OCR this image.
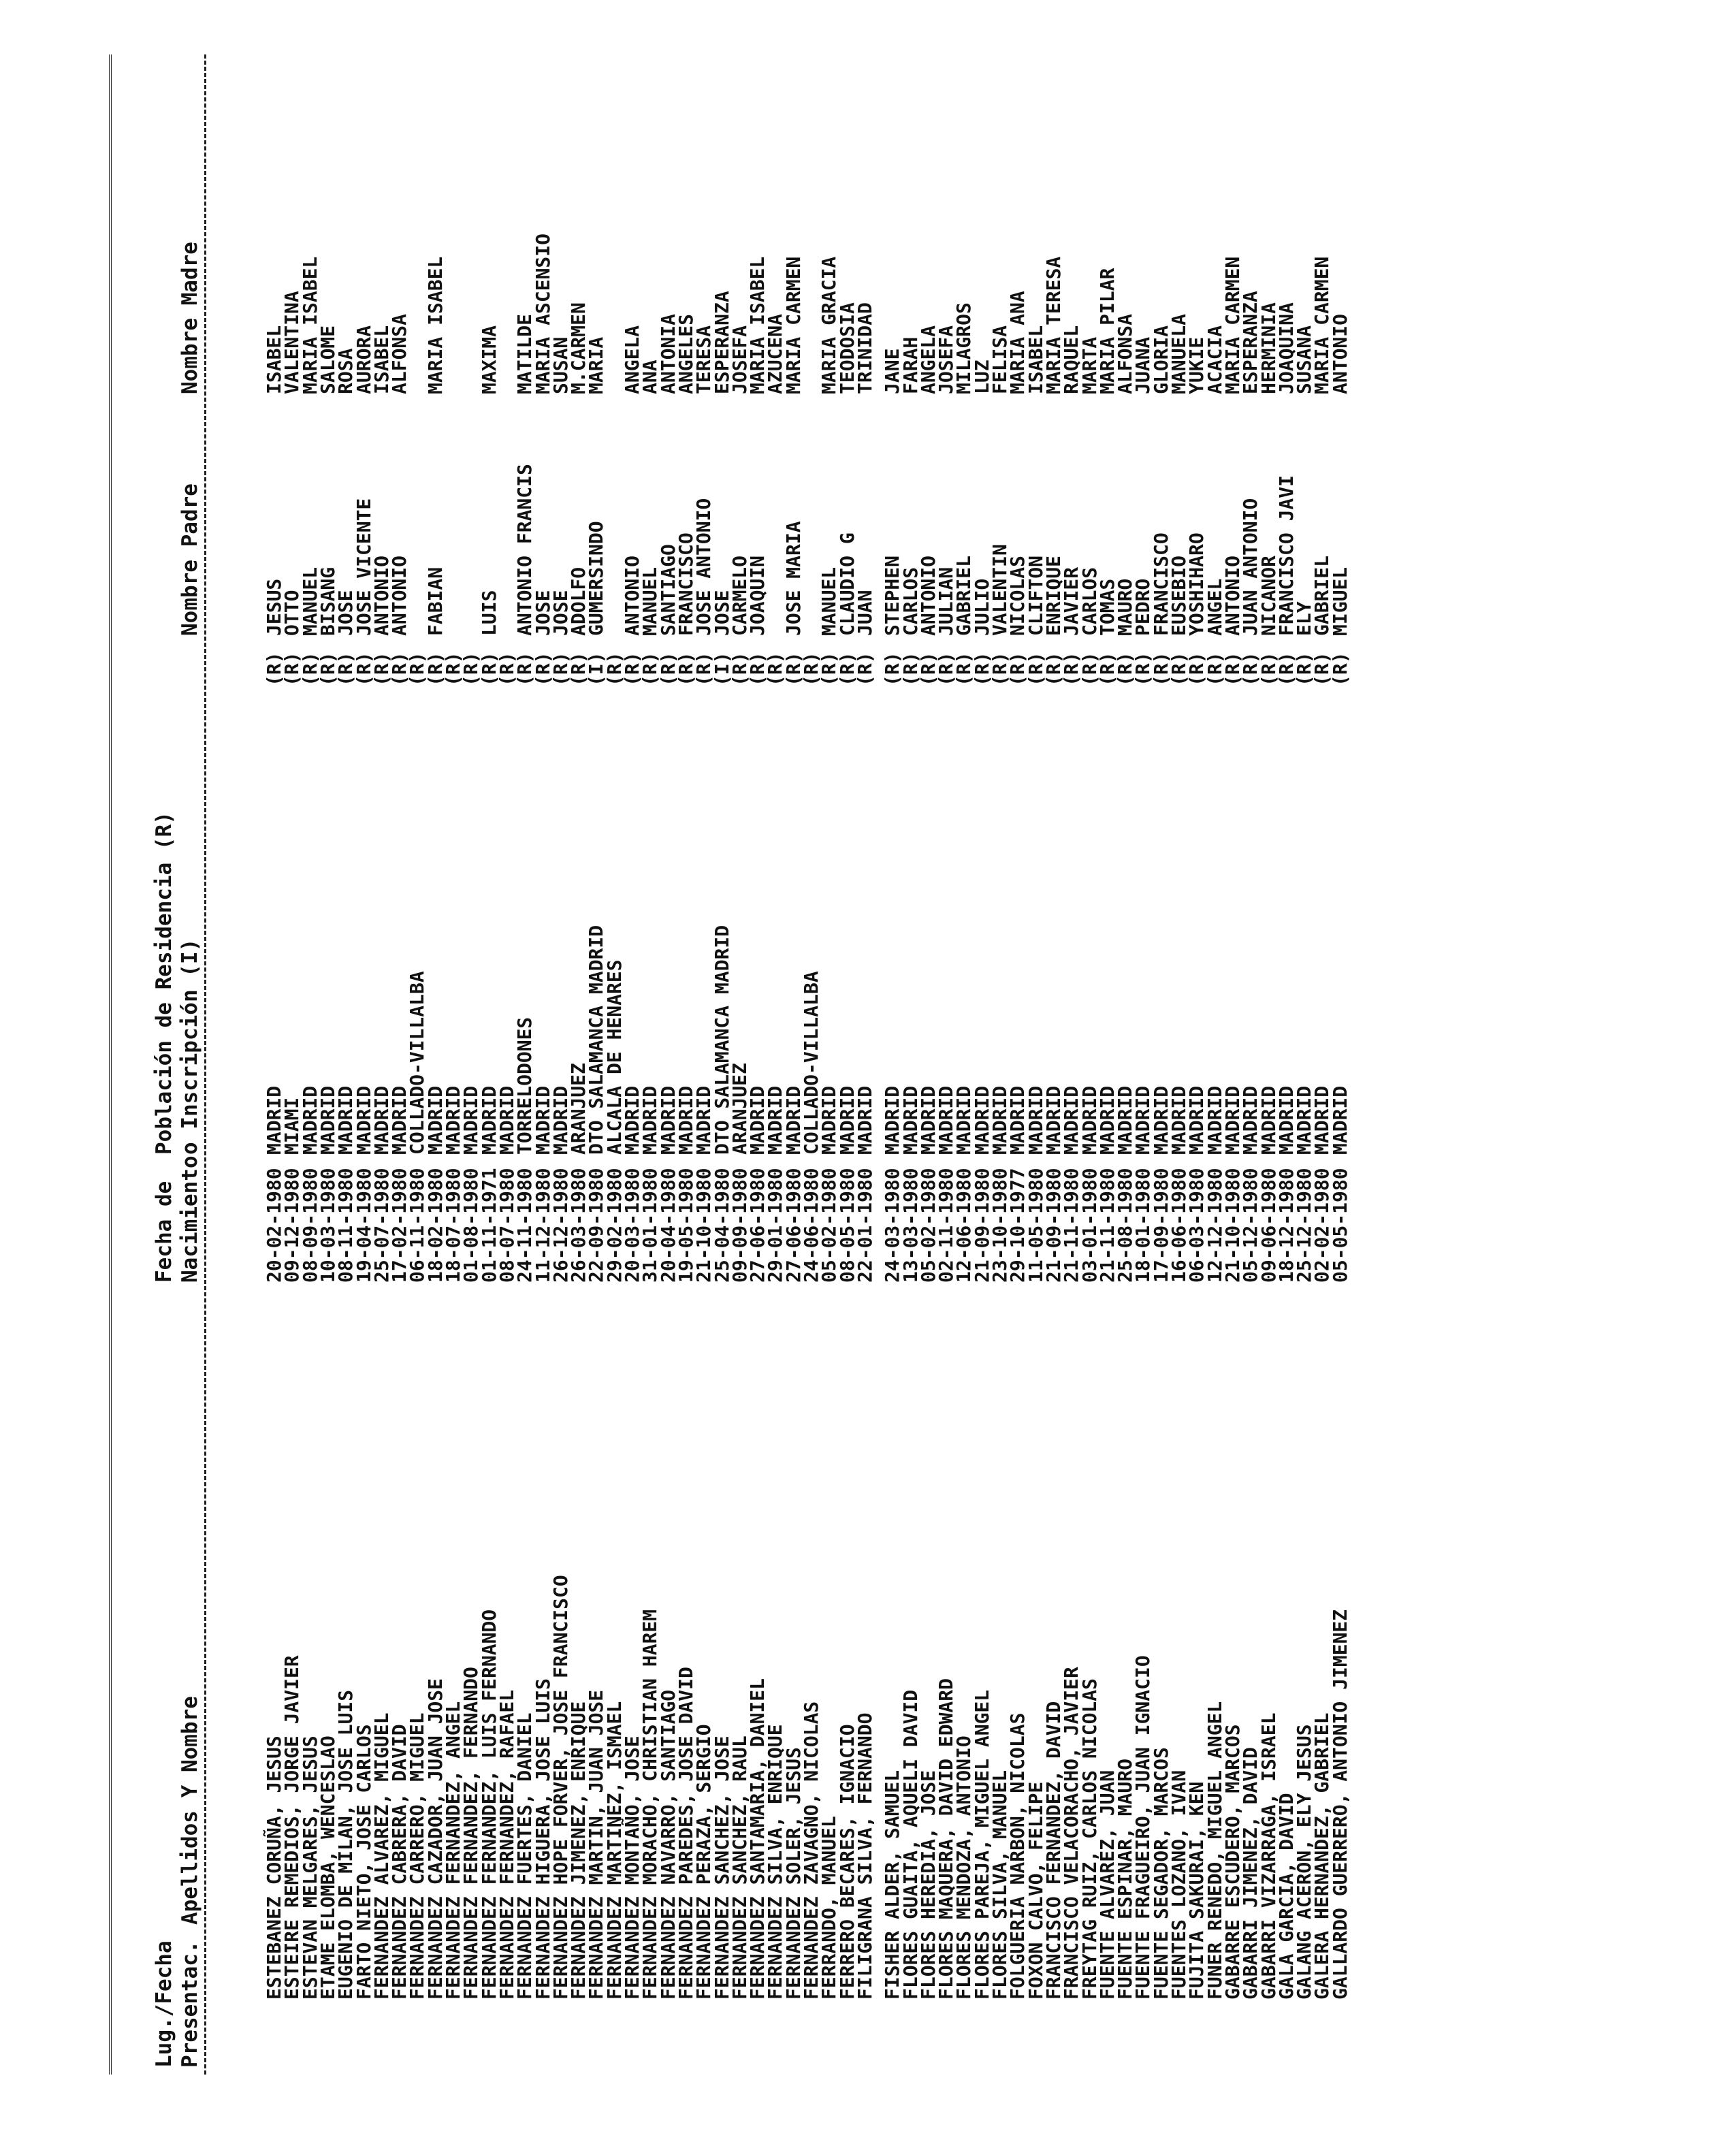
Lug./Fecha Presentac.
Apellidos Y Nombre
Fecha de Nacimiento
Población de Residencia (R) o Inscripción (I)
Nombre Padre
Nombre Madre
ESTEBANEZ CORUÑA, JESUS
20-02-1980
MADRID
(R)
JESUS
ISABEL
ESTEIRE REMEDIOS, JORGE JAVIER
09-12-1980
MIAMI
(R)
OTTO
VALENTINA
ESTEVAN MELGARES, JESUS
08-09-1980
MADRID
(R)
MANUEL
MARIA ISABEL
ETAME ELOMBA, WENCESLAO
10-03-1980
MADRID
(R)
BISANG
SALOME
EUGENIO DE MILAN, JOSE LUIS
08-11-1980
MADRID
(R)
JOSE
ROSA
FARTO NIETO, JOSE CARLOS
19-04-1980
MADRID
(R)
JOSE VICENTE
AURORA
FERNANDEZ ALVAREZ, MIGUEL
25-07-1980
MADRID
(R)
ANTONIO
ISABEL
FERNANDEZ CABRERA, DAVID
17-02-1980
MADRID
(R)
ANTONIO
ALFONSA
FERNANDEZ CARRERO, MIGUEL
06-11-1980
COLLADO-VILLALBA
(R)
FERNANDEZ CAZADOR, JUAN JOSE
18-02-1980
MADRID
(R)
FABIAN
MARIA ISABEL
FERNANDEZ FERNANDEZ, ANGEL
18-07-1980
MADRID
(R)
FERNANDEZ FERNANDEZ, FERNANDO
01-08-1980
MADRID
(R)
FERNANDEZ FERNANDEZ, LUIS FERNANDO
01-11-1971
MADRID
(R)
LUIS
MAXIMA
FERNANDEZ FERNANDEZ, RAFAEL
08-07-1980
MADRID
(R)
FERNANDEZ FUERTES, DANIEL
24-11-1980
TORRELODONES
(R)
ANTONIO FRANCIS
MATILDE
FERNANDEZ HIGUERA, JOSE LUIS
11-12-1980
MADRID
(R)
JOSE
MARIA ASCENSIO
FERNANDEZ HOPE FORVER, JOSE FRANCISCO
26-12-1980
MADRID
(R)
JOSE
SUSAN
FERNANDEZ JIMENEZ, ENRIQUE
26-03-1980
ARANJUEZ
(R)
ADOLFO
M.CARMEN
FERNANDEZ MARTIN, JUAN JOSE
22-09-1980
DTO SALAMANCA MADRID
(I)
GUMERSINDO
MARIA
FERNANDEZ MARTINEZ, ISMAEL
29-02-1980
ALCALA DE HENARES
(R)
FERNANDEZ MONTAÑO, JOSE
20-03-1980
MADRID
(R)
ANTONIO
ANGELA
FERNANDEZ MORACHO, CHRISTIAN HAREM
31-01-1980
MADRID
(R)
MANUEL
ANA
FERNANDEZ NAVARRO, SANTIAGO
20-04-1980
MADRID
(R)
SANTIAGO
ANTONIA
FERNANDEZ PAREDES, JOSE DAVID
19-05-1980
MADRID
(R)
FRANCISCO
ANGELES
FERNANDEZ PERAZA, SERGIO
21-10-1980
MADRID
(R)
JOSE ANTONIO
TERESA
FERNANDEZ SANCHEZ, JOSE
25-04-1980
DTO SALAMANCA MADRID
(I)
JOSE
ESPERANZA
FERNANDEZ SANCHEZ, RAUL
09-09-1980
ARANJUEZ
(R)
CARMELO
JOSEFA
FERNANDEZ SANTAMARIA, DANIEL
27-06-1980
MADRID
(R)
JOAQUIN
MARIA ISABEL
FERNANDEZ SILVA, ENRIQUE
29-01-1980
MADRID
(R)
AZUCENA
FERNANDEZ SOLER, JESUS
27-06-1980
MADRID
(R)
JOSE MARIA
MARIA CARMEN
FERNANDEZ ZAVAGNO, NICOLAS
24-06-1980
COLLADO-VILLALBA
(R)
FERRANDO, MANUEL
05-02-1980
MADRID
(R)
MANUEL
MARIA GRACIA
FERRERO BECARES, IGNACIO
08-05-1980
MADRID
(R)
CLAUDIO G
TEODOSIA
FILIGRANA SILVA, FERNANDO
22-01-1980
MADRID
(R)
JUAN
TRINIDAD
FISHER ALDER, SAMUEL
24-03-1980
MADRID
(R)
STEPHEN
JANE
FLORES GUAITA, AQUELI DAVID
13-03-1980
MADRID
(R)
CARLOS
FARAH
FLORES HEREDIA, JOSE
05-02-1980
MADRID
(R)
ANTONIO
ANGELA
FLORES MAQUERA, DAVID EDWARD
02-11-1980
MADRID
(R)
JULIAN
JOSEFA
FLORES MENDOZA, ANTONIO
12-06-1980
MADRID
(R)
GABRIEL
MILAGROS
FLORES PAREJA, MIGUEL ANGEL
21-09-1980
MADRID
(R)
JULIO
LUZ
FLORES SILVA, MANUEL
23-10-1980
MADRID
(R)
VALENTIN
FELISA
FOLGUERIA NARBON, NICOLAS
29-10-1977
MADRID
(R)
NICOLAS
MARIA ANA
FOXON CALVO, FELIPE
11-05-1980
MADRID
(R)
CLIFTON
ISABEL
FRANCISCO FERNANDEZ, DAVID
21-09-1980
MADRID
(R)
ENRIQUE
MARIA TERESA
FRANCISCO VELACORACHO, JAVIER
21-11-1980
MADRID
(R)
JAVIER
RAQUEL
FREYTAG RUIZ, CARLOS NICOLAS
03-01-1980
MADRID
(R)
CARLOS
MARTA
FUENTE ALVAREZ, JUAN
21-11-1980
MADRID
(R)
TOMAS
MARIA PILAR
FUENTE ESPINAR, MAURO
25-08-1980
MADRID
(R)
MAURO
ALFONSA
FUENTE FRAGUEIRO, JUAN IGNACIO
18-01-1980
MADRID
(R)
PEDRO
JUANA
FUENTE SEGADOR, MARCOS
17-09-1980
MADRID
(R)
FRANCISCO
GLORIA
FUENTES LOZANO, IVAN
16-06-1980
MADRID
(R)
EUSEBIO
MANUELA
FUJITA SAKURAI, KEN
06-03-1980
MADRID
(R)
YOSHIHARO
YUKIE
FUNER RENEDO, MIGUEL ANGEL
12-12-1980
MADRID
(R)
ANGEL
ACACIA
GABARRE ESCUDERO, MARCOS
21-10-1980
MADRID
(R)
ANTONIO
MARIA CARMEN
GABARRI JIMENEZ, DAVID
05-12-1980
MADRID
(R)
JUAN ANTONIO
ESPERANZA
GABARRI VIZARRAGA, ISRAEL
09-06-1980
MADRID
(R)
NICANOR
HERMINIA
GALA GARCIA, DAVID
18-12-1980
MADRID
(R)
FRANCISCO JAVI
JOAQUINA
GALANG ACERON, ELY JESUS
25-12-1980
MADRID
(R)
ELY
SUSANA
GALERA HERNANDEZ, GABRIEL
02-02-1980
MADRID
(R)
GABRIEL
MARIA CARMEN
GALLARDO GUERRERO, ANTONIO JIMENEZ
05-05-1980
MADRID
(R)
MIGUEL
ANTONIO
